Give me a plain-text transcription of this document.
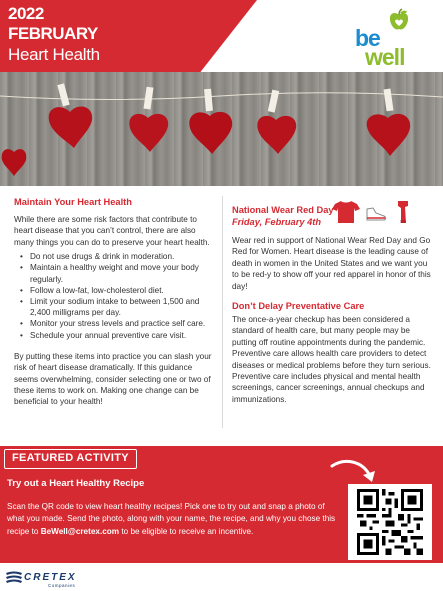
2022
FEBRUARY
Heart Health
be
well
Maintain Your Heart Health

While there are some risk factors that contribute to heart disease that you can’t control, there are also many things you can do to preserve your heart health.

• Do not use drugs & drink in moderation.
• Maintain a healthy weight and move your body regularly.
• Follow a low-fat, low-cholesterol diet.
• Limit your sodium intake to between 1,500 and 2,400 milligrams per day.
• Monitor your stress levels and practice self care.
• Schedule your annual preventive care visit.

By putting these items into practice you can slash your risk of heart disease dramatically. If this guidance seems overwhelming, consider selecting one or two of these items to work on. Making one change can be beneficial to your health!

National Wear Red Day
Friday, February 4th

Wear red in support of National Wear Red Day and Go Red for Women. Heart disease is the leading cause of death in women in the United States and we want you to be red-y to show off your red apparel in honor of this day!

Don’t Delay Preventative Care

The once-a-year checkup has been considered a standard of health care, but many people may be putting off routine appointments during the pandemic. Preventive care allows health care providers to detect diseases or medical problems before they turn serious. Preventive care includes physical and mental health screenings, cancer screenings, annual checkups and immunizations.

FEATURED ACTIVITY
Try out a Heart Healthy Recipe

Scan the QR code to view heart healthy recipes! Pick one to try out and snap a photo of what you made. Send the photo, along with your name, the recipe, and why you chose this recipe to BeWell@cretex.com to be eligible to receive an incentive.

CRETEX
Companies
